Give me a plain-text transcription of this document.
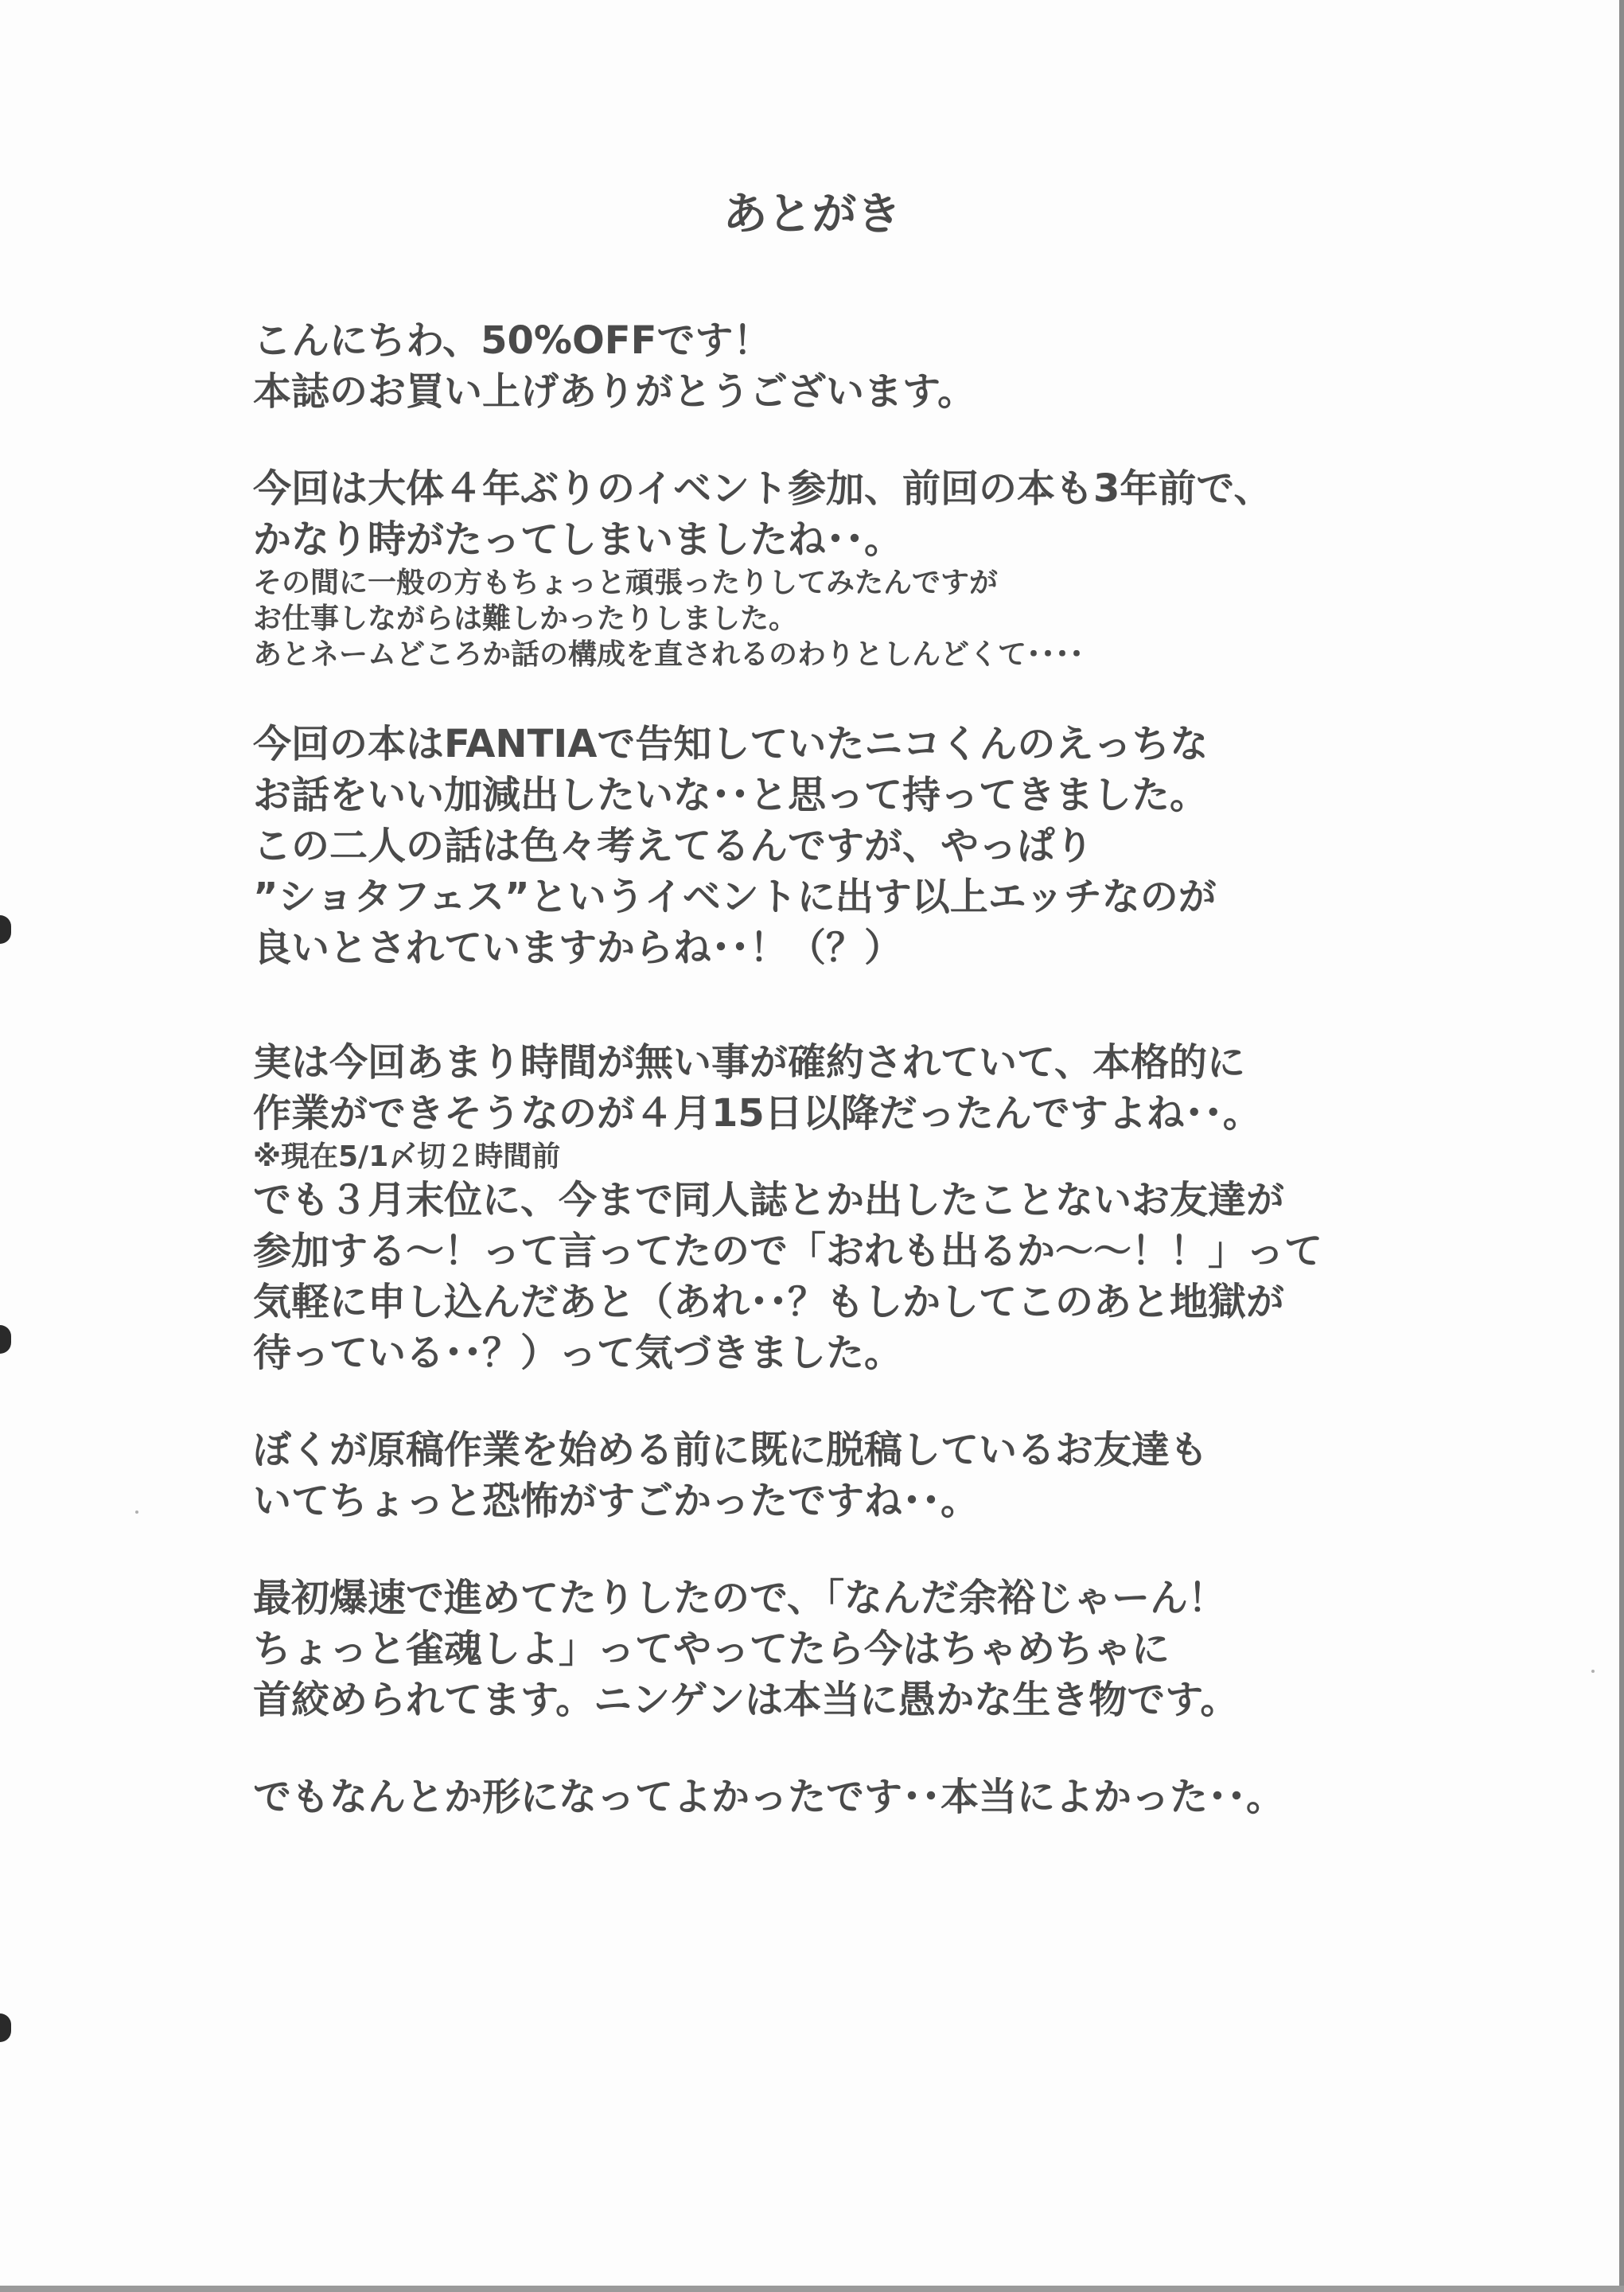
あとがき
こんにちわ、50%OFFです！
本誌のお買い上げありがとうございます。
今回は大体４年ぶりのイベント参加、前回の本も3年前で、
かなり時がたってしまいましたね･･。
その間に一般の方もちょっと頑張ったりしてみたんですが
お仕事しながらは難しかったりしました。
あとネームどころか話の構成を直されるのわりとしんどくて････
今回の本はFANTIAで告知していたニコくんのえっちな
お話をいい加減出したいな･･と思って持ってきました。
この二人の話は色々考えてるんですが、やっぱり
”ショタフェス”というイベントに出す以上エッチなのが
良いとされていますからね･･！（？）
実は今回あまり時間が無い事が確約されていて、本格的に
作業ができそうなのが４月15日以降だったんですよね･･。
※現在5/1〆切２時間前
でも３月末位に、今まで同人誌とか出したことないお友達が
参加する～！って言ってたので「おれも出るか～～！！」って
気軽に申し込んだあと（あれ･･？もしかしてこのあと地獄が
待っている･･？）って気づきました。
ぼくが原稿作業を始める前に既に脱稿しているお友達も
いてちょっと恐怖がすごかったですね･･。
最初爆速で進めてたりしたので、「なんだ余裕じゃーん！
ちょっと雀魂しよ」ってやってたら今はちゃめちゃに
首絞められてます。ニンゲンは本当に愚かな生き物です。
でもなんとか形になってよかったです･･本当によかった･･。
